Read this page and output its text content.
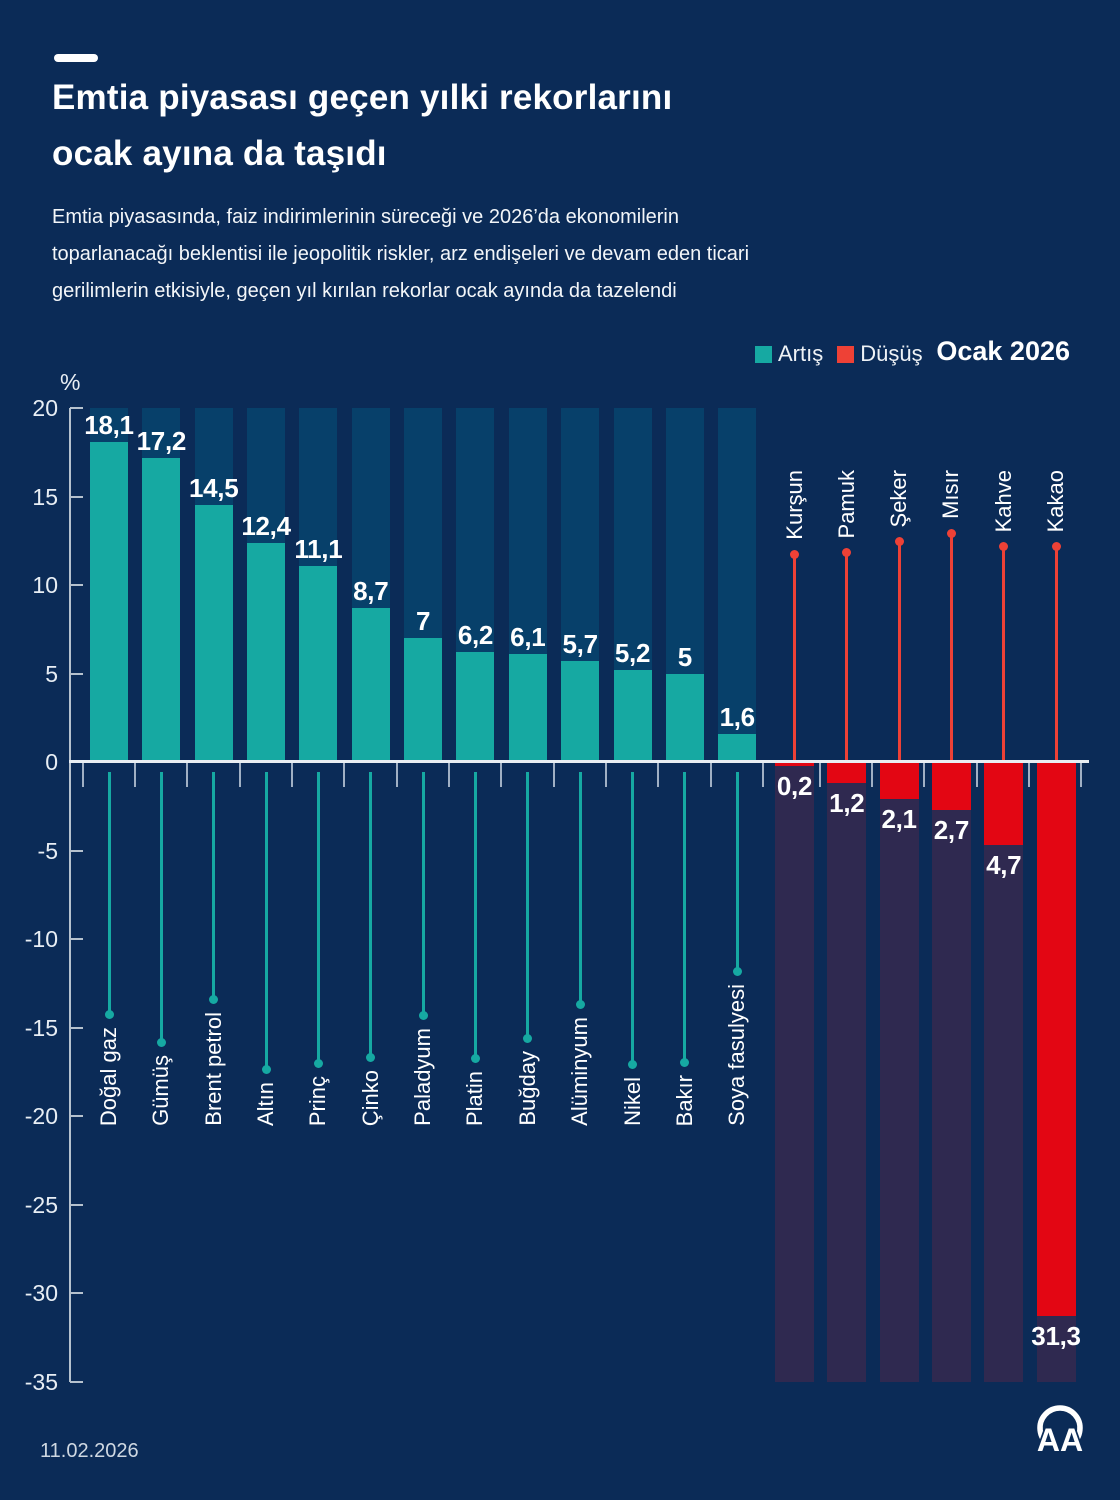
Emtia piyasası geçen yılki rekorlarını
ocak ayına da taşıdı
Emtia piyasasında, faiz indirimlerinin süreceği ve 2026’da ekonomilerin
toparlanacağı beklentisi ile jeopolitik riskler, arz endişeleri ve devam eden ticari
gerilimlerin etkisiyle, geçen yıl kırılan rekorlar ocak ayında da tazelendi
Artış Düşüş Ocak 2026
%
20
15
10
5
0
-5
-10
-15
-20
-25
-30
-35
18,1
Doğal gaz
17,2
Gümüş
14,5
Brent petrol
12,4
Altın
11,1
Prinç
8,7
Çinko
7
Paladyum
6,2
Platin
6,1
Buğday
5,7
Alüminyum
5,2
Nikel
5
Bakır
1,6
Soya fasulyesi
0,2
Kurşun
1,2
Pamuk
2,1
Şeker
2,7
Mısır
4,7
Kahve
31,3
Kakao
11.02.2026	AA
